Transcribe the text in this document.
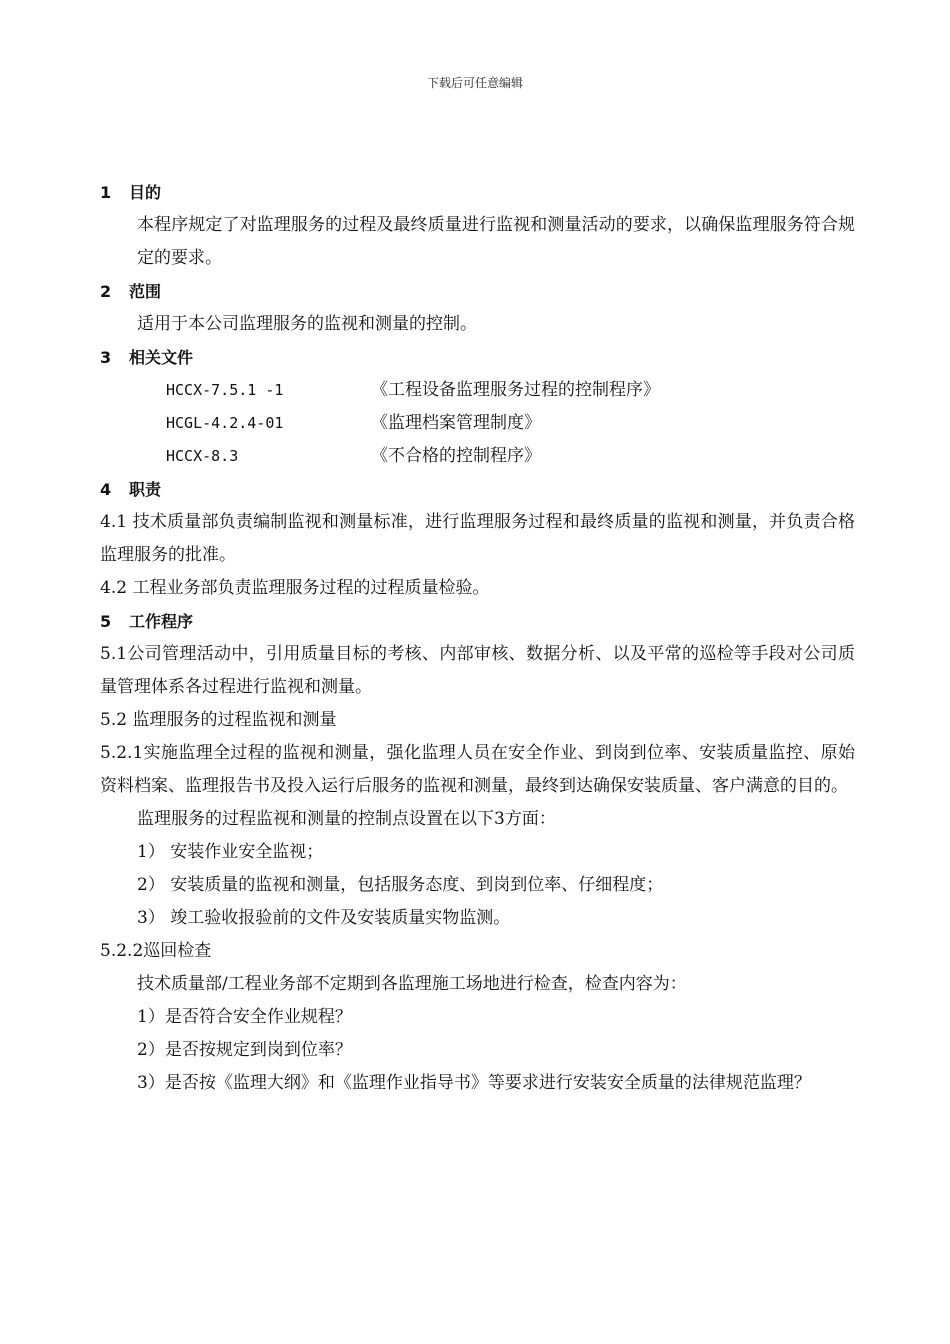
下载后可任意编辑
1 目的
本程序规定了对监理服务的过程及最终质量进行监视和测量活动的要求，以确保监理服务符合规定的要求。
2 范围
适用于本公司监理服务的监视和测量的控制。
3 相关文件
HCCX-7.5.1 -1	《工程设备监理服务过程的控制程序》
HCGL-4.2.4-01	《监理档案管理制度》
HCCX-8.3	《不合格的控制程序》
4 职责
4.1 技术质量部负责编制监视和测量标准，进行监理服务过程和最终质量的监视和测量，并负责合格监理服务的批准。
4.2 工程业务部负责监理服务过程的过程质量检验。
5 工作程序
5.1公司管理活动中，引用质量目标的考核、内部审核、数据分析、以及平常的巡检等手段对公司质量管理体系各过程进行监视和测量。
5.2 监理服务的过程监视和测量
5.2.1实施监理全过程的监视和测量，强化监理人员在安全作业、到岗到位率、安装质量监控、原始资料档案、监理报告书及投入运行后服务的监视和测量，最终到达确保安装质量、客户满意的目的。
监理服务的过程监视和测量的控制点设置在以下3方面：
1） 安装作业安全监视；
2） 安装质量的监视和测量，包括服务态度、到岗到位率、仔细程度；
3） 竣工验收报验前的文件及安装质量实物监测。
5.2.2巡回检查
技术质量部/工程业务部不定期到各监理施工场地进行检查，检查内容为：
1）是否符合安全作业规程？
2）是否按规定到岗到位率？
3）是否按《监理大纲》和《监理作业指导书》等要求进行安装安全质量的法律规范监理？
